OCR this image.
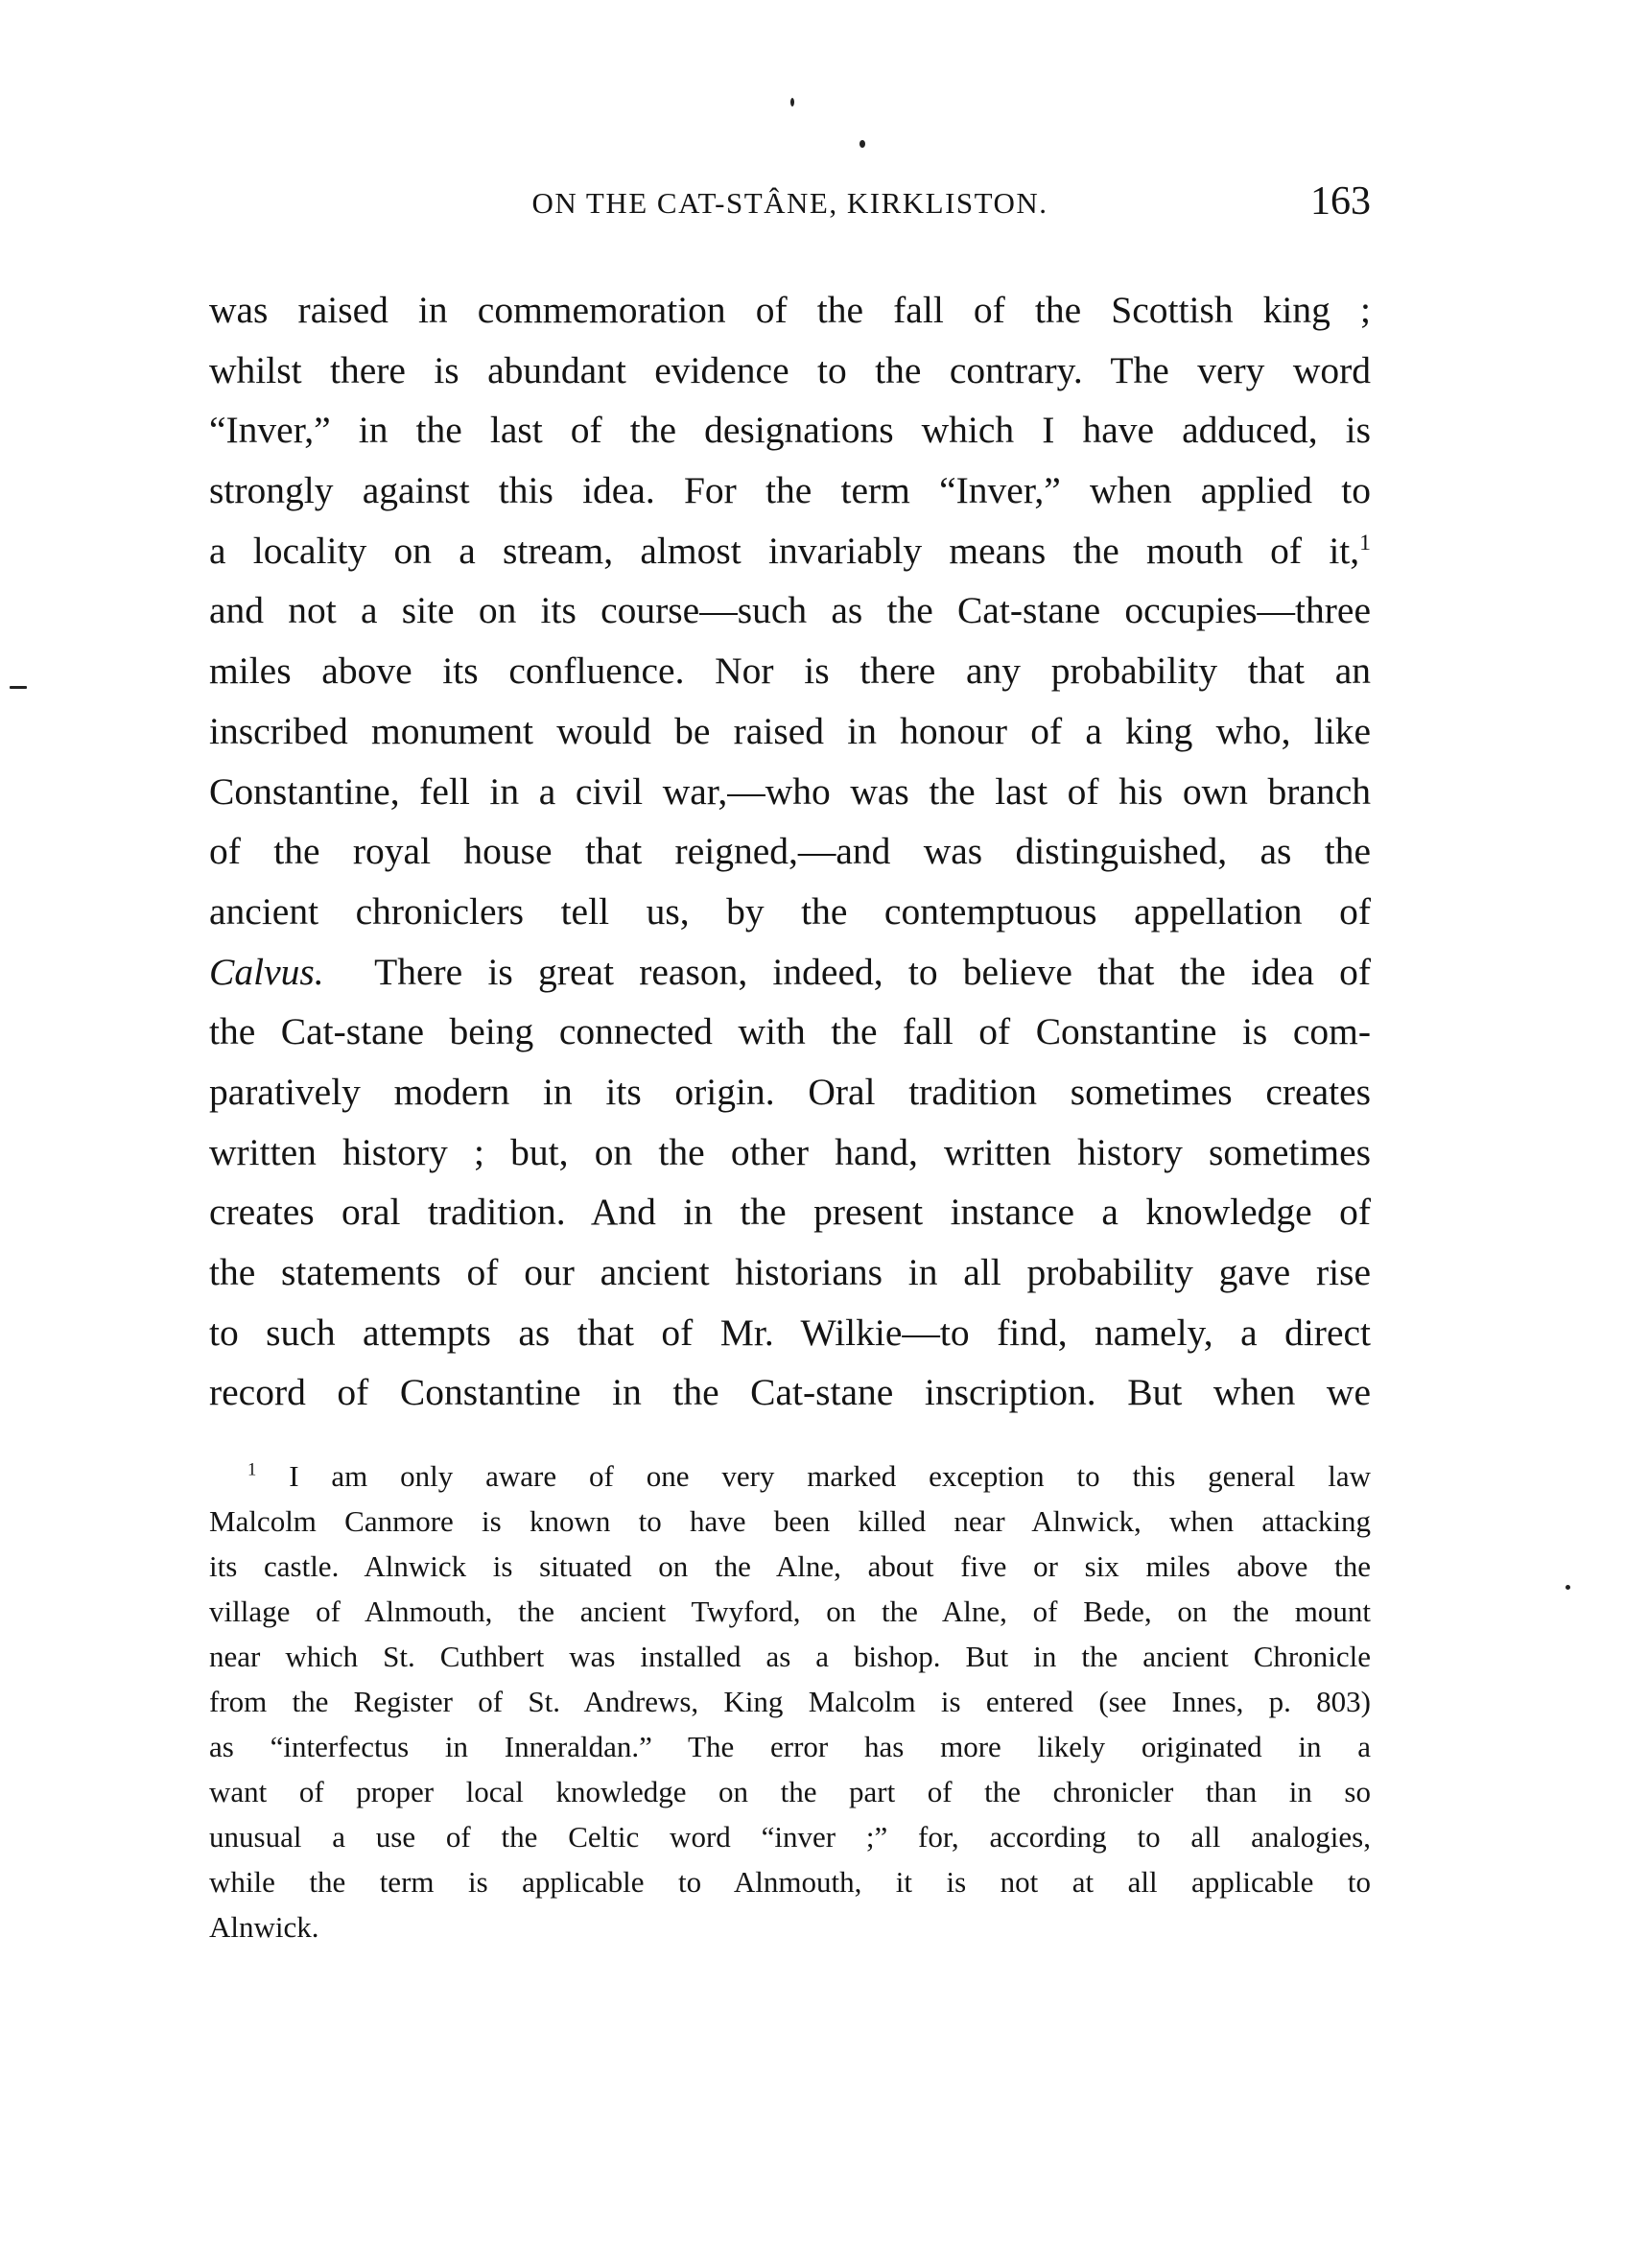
ON THE CAT-STÂNE, KIRKLISTON.	163
was raised in commemoration of the fall of the Scottish king ;
whilst there is abundant evidence to the contrary. The very word
“Inver,” in the last of the designations which I have adduced, is
strongly against this idea. For the term “Inver,” when applied to
a locality on a stream, almost invariably means the mouth of it,$^1$
and not a site on its course—such as the Cat-stane occupies—three
miles above its confluence. Nor is there any probability that an
inscribed monument would be raised in honour of a king who, like
Constantine, fell in a civil war,—who was the last of his own branch
of the royal house that reigned,—and was distinguished, as the
ancient chroniclers tell us, by the contemptuous appellation of
Calvus. There is great reason, indeed, to believe that the idea of
the Cat-stane being connected with the fall of Constantine is com-
paratively modern in its origin. Oral tradition sometimes creates
written history ; but, on the other hand, written history sometimes
creates oral tradition. And in the present instance a knowledge of
the statements of our ancient historians in all probability gave rise
to such attempts as that of Mr. Wilkie—to find, namely, a direct
record of Constantine in the Cat-stane inscription. But when we
$^1$ I am only aware of one very marked exception to this general law
Malcolm Canmore is known to have been killed near Alnwick, when attacking
its castle. Alnwick is situated on the Alne, about five or six miles above the
village of Alnmouth, the ancient Twyford, on the Alne, of Bede, on the mount
near which St. Cuthbert was installed as a bishop. But in the ancient Chronicle
from the Register of St. Andrews, King Malcolm is entered (see Innes, p. 803)
as “interfectus in Inneraldan.” The error has more likely originated in a
want of proper local knowledge on the part of the chronicler than in so
unusual a use of the Celtic word “inver ;” for, according to all analogies,
while the term is applicable to Alnmouth, it is not at all applicable to
Alnwick.
